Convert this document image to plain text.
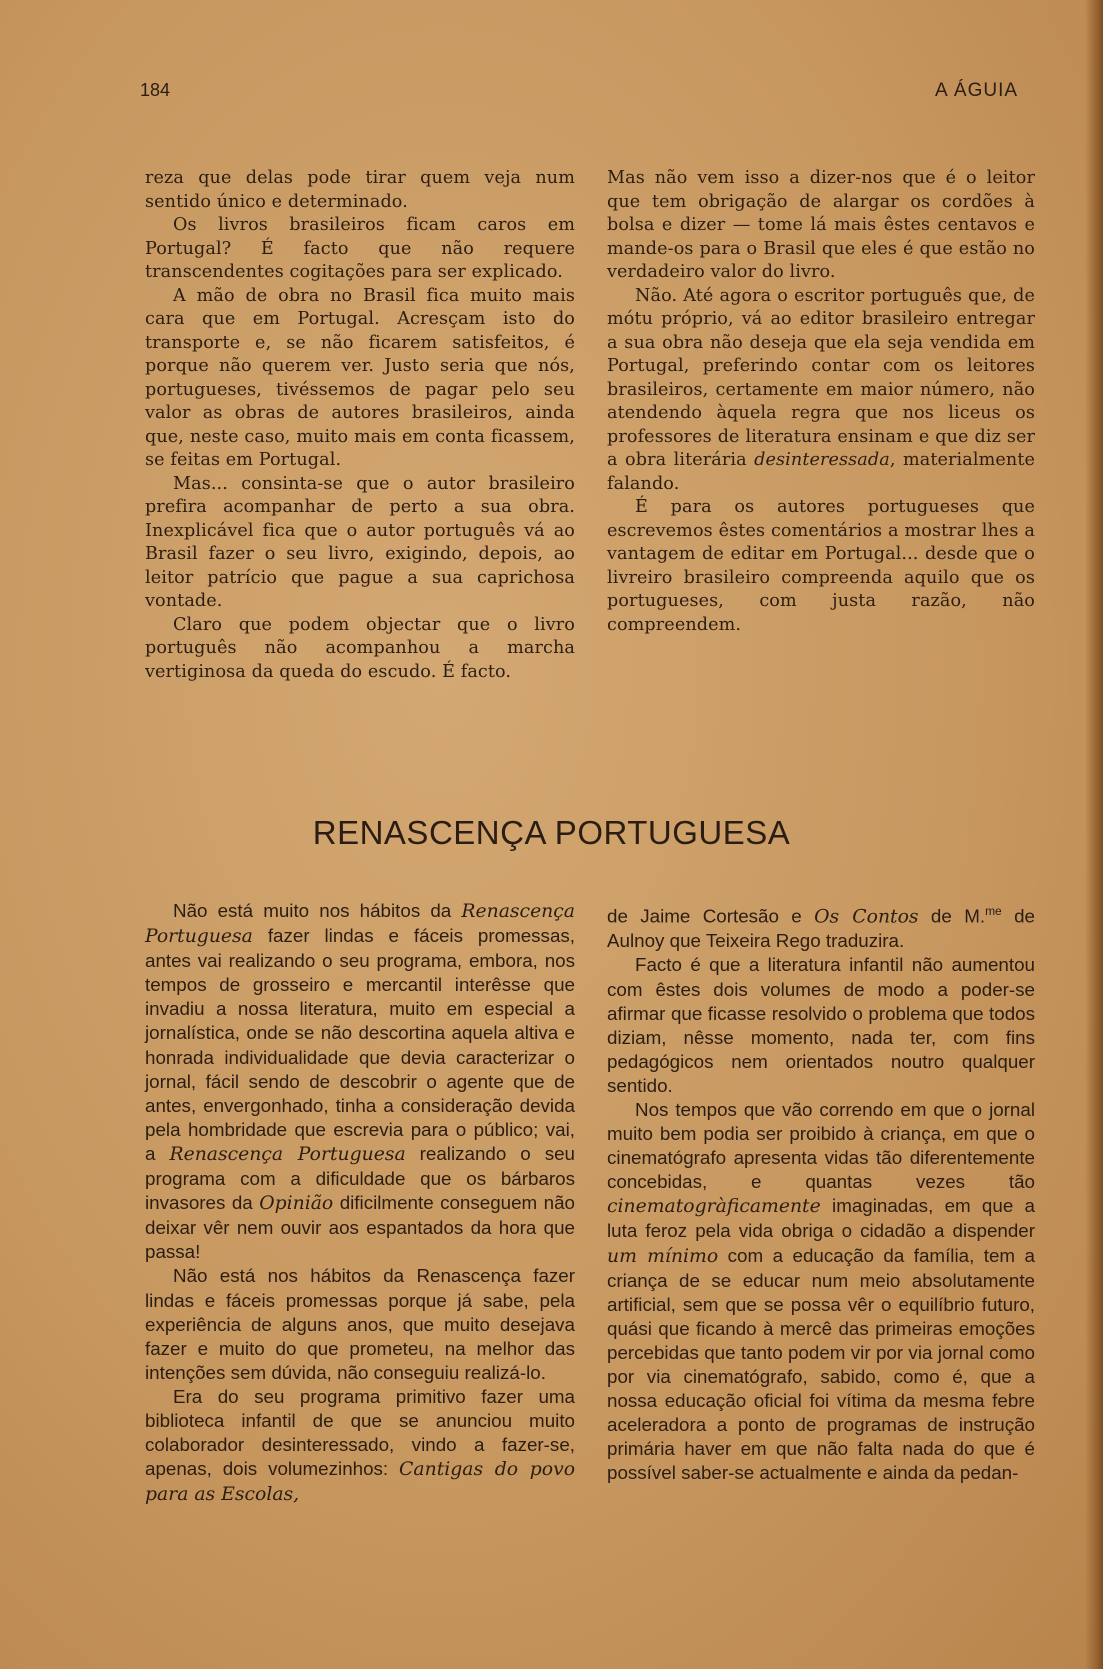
184	A ÁGUIA

reza que delas pode tirar quem veja num sentido único e determinado.

Os livros brasileiros ficam caros em Portugal? É facto que não requere transcendentes cogitações para ser explicado.

A mão de obra no Brasil fica muito mais cara que em Portugal. Acresçam isto do transporte e, se não ficarem satisfeitos, é porque não querem ver. Justo seria que nós, portugueses, tivéssemos de pagar pelo seu valor as obras de autores brasileiros, ainda que, neste caso, muito mais em conta ficassem, se feitas em Portugal.

Mas... consinta-se que o autor brasileiro prefira acompanhar de perto a sua obra. Inexplicável fica que o autor português vá ao Brasil fazer o seu livro, exigindo, depois, ao leitor patrício que pague a sua caprichosa vontade.

Claro que podem objectar que o livro português não acompanhou a marcha vertiginosa da queda do escudo. É facto.

Mas não vem isso a dizer-nos que é o leitor que tem obrigação de alargar os cordões à bolsa e dizer — tome lá mais êstes centavos e mande-os para o Brasil que eles é que estão no verdadeiro valor do livro.

Não. Até agora o escritor português que, de mótu próprio, vá ao editor brasileiro entregar a sua obra não deseja que ela seja vendida em Portugal, preferindo contar com os leitores brasileiros, certamente em maior número, não atendendo àquela regra que nos liceus os professores de literatura ensinam e que diz ser a obra literária desinteressada, materialmente falando.

É para os autores portugueses que escrevemos êstes comentários a mostrar lhes a vantagem de editar em Portugal... desde que o livreiro brasileiro compreenda aquilo que os portugueses, com justa razão, não compreendem.

RENASCENÇA PORTUGUESA

Não está muito nos hábitos da Renascença Portuguesa fazer lindas e fáceis promessas, antes vai realizando o seu programa, embora, nos tempos de grosseiro e mercantil interêsse que invadiu a nossa literatura, muito em especial a jornalística, onde se não descortina aquela altiva e honrada individualidade que devia caracterizar o jornal, fácil sendo de descobrir o agente que de antes, envergonhado, tinha a consideração devida pela hombridade que escrevia para o público; vai, a Renascença Portuguesa realizando o seu programa com a dificuldade que os bárbaros invasores da Opinião dificilmente conseguem não deixar vêr nem ouvir aos espantados da hora que passa!

Não está nos hábitos da Renascença fazer lindas e fáceis promessas porque já sabe, pela experiência de alguns anos, que muito desejava fazer e muito do que prometeu, na melhor das intenções sem dúvida, não conseguiu realizá-lo.

Era do seu programa primitivo fazer uma biblioteca infantil de que se anunciou muito colaborador desinteressado, vindo a fazer-se, apenas, dois volumezinhos: Cantigas do povo para as Escolas,

de Jaime Cortesão e Os Contos de M.$^{me}$ de Aulnoy que Teixeira Rego traduzira.

Facto é que a literatura infantil não aumentou com êstes dois volumes de modo a poder-se afirmar que ficasse resolvido o problema que todos diziam, nêsse momento, nada ter, com fins pedagógicos nem orientados noutro qualquer sentido.

Nos tempos que vão correndo em que o jornal muito bem podia ser proibido à criança, em que o cinematógrafo apresenta vidas tão diferentemente concebidas, e quantas vezes tão cinematogràficamente imaginadas, em que a luta feroz pela vida obriga o cidadão a dispender um mínimo com a educação da família, tem a criança de se educar num meio absolutamente artificial, sem que se possa vêr o equilíbrio futuro, quási que ficando à mercê das primeiras emoções percebidas que tanto podem vir por via jornal como por via cinematógrafo, sabido, como é, que a nossa educação oficial foi vítima da mesma febre aceleradora a ponto de programas de instrução primária haver em que não falta nada do que é possível saber-se actualmente e ainda da pedan-
